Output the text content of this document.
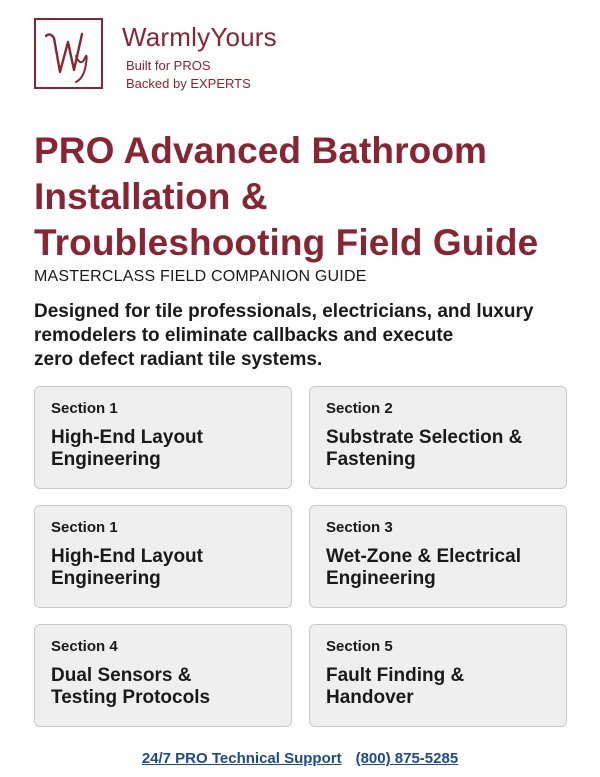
WarmlyYours
Built for PROS
Backed by EXPERTS
PRO Advanced Bathroom
Installation &
Troubleshooting Field Guide
MASTERCLASS FIELD COMPANION GUIDE
Designed for tile professionals, electricians, and luxury
remodelers to eliminate callbacks and execute
zero defect radiant tile systems.
Section 1
High-End Layout
Engineering
Section 2
Substrate Selection &
Fastening
Section 1
High-End Layout
Engineering
Section 3
Wet-Zone & Electrical
Engineering
Section 4
Dual Sensors &
Testing Protocols
Section 5
Fault Finding &
Handover
24/7 PRO Technical Support (800) 875-5285
